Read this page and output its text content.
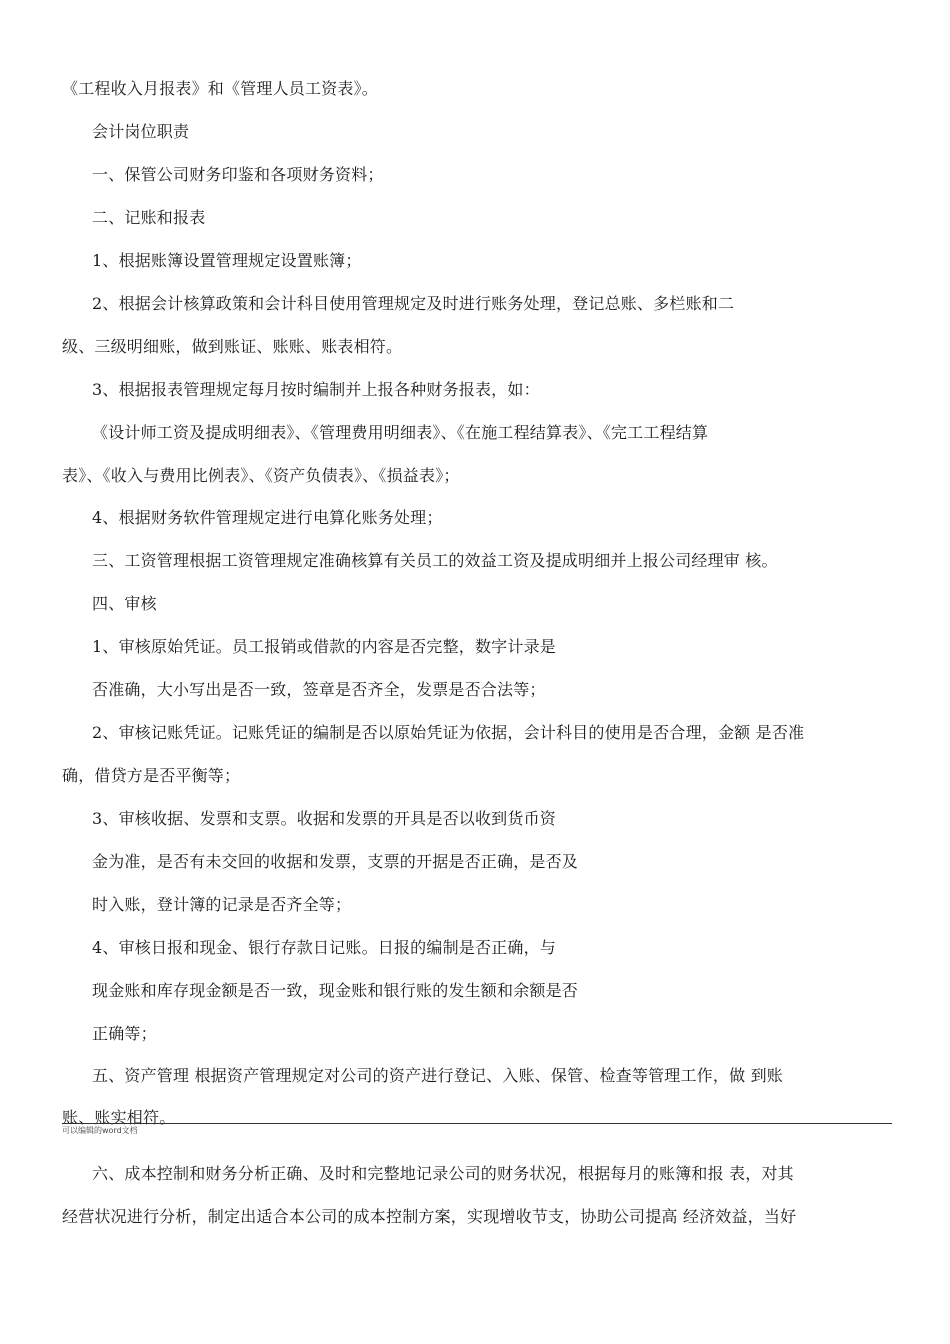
《工程收入月报表》和《管理人员工资表》。
会计岗位职责
一、保管公司财务印鉴和各项财务资料；
二、记账和报表
1、根据账簿设置管理规定设置账簿；
2、根据会计核算政策和会计科目使用管理规定及时进行账务处理，登记总账、多栏账和二
级、三级明细账，做到账证、账账、账表相符。
3、根据报表管理规定每月按时编制并上报各种财务报表，如：
《设计师工资及提成明细表》、《管理费用明细表》、《在施工程结算表》、《完工工程结算
表》、《收入与费用比例表》、《资产负债表》、《损益表》；
4、根据财务软件管理规定进行电算化账务处理；
三、工资管理根据工资管理规定准确核算有关员工的效益工资及提成明细并上报公司经理审 核。
四、审核
1、审核原始凭证。员工报销或借款的内容是否完整，数字计录是
否准确，大小写出是否一致，签章是否齐全，发票是否合法等；
2、审核记账凭证。记账凭证的编制是否以原始凭证为依据，会计科目的使用是否合理，金额 是否准
确，借贷方是否平衡等；
3、审核收据、发票和支票。收据和发票的开具是否以收到货币资
金为准，是否有未交回的收据和发票，支票的开据是否正确，是否及
时入账，登计簿的记录是否齐全等；
4、审核日报和现金、银行存款日记账。日报的编制是否正确，与
现金账和库存现金额是否一致，现金账和银行账的发生额和余额是否
正确等；
五、资产管理 根据资产管理规定对公司的资产进行登记、入账、保管、检查等管理工作，做 到账
账、账实相符。
可以编辑的word文档
六、成本控制和财务分析正确、及时和完整地记录公司的财务状况，根据每月的账簿和报 表，对其
经营状况进行分析，制定出适合本公司的成本控制方案，实现增收节支，协助公司提高 经济效益，当好
